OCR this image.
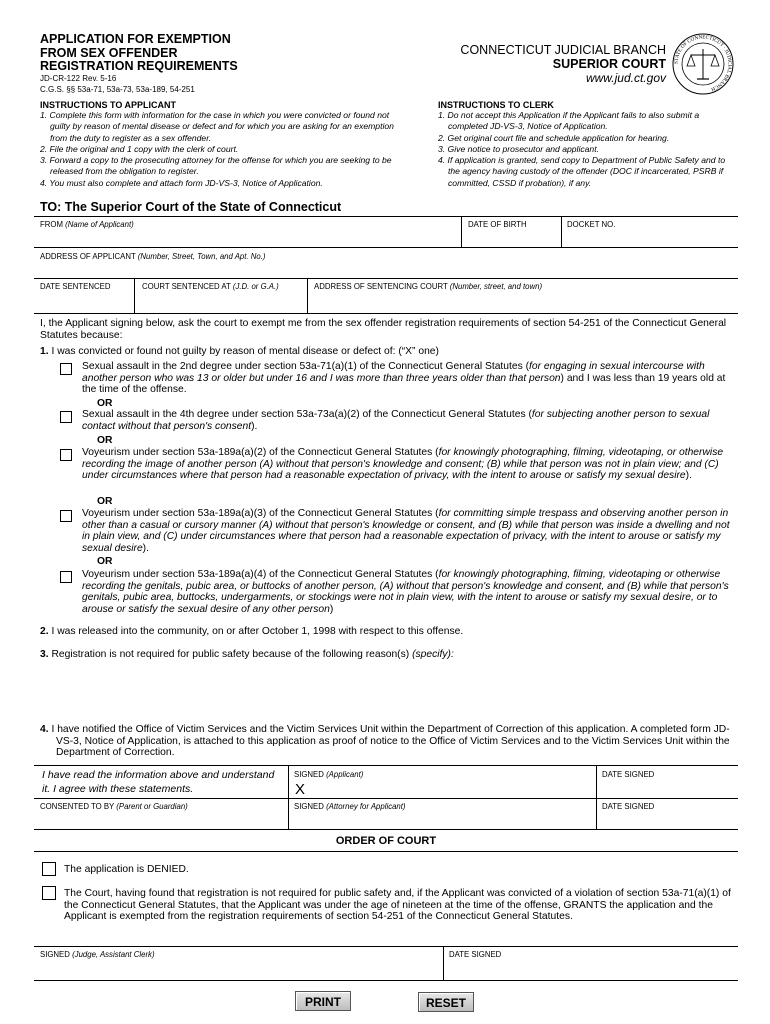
APPLICATION FOR EXEMPTION
FROM SEX OFFENDER
REGISTRATION REQUIREMENTS
JD-CR-122 Rev. 5-16
C.G.S. §§ 53a-71, 53a-73, 53a-189, 54-251
CONNECTICUT JUDICIAL BRANCH
SUPERIOR COURT
www.jud.ct.gov
STATE OF CONNECTICUT · JUDICIAL BRANCH
INSTRUCTIONS TO APPLICANT
1. Complete this form with information for the case in which you were convicted or found not guilty by reason of mental disease or defect and for which you are asking for an exemption from the duty to register as a sex offender.
2. File the original and 1 copy with the clerk of court.
3. Forward a copy to the prosecuting attorney for the offense for which you are seeking to be released from the obligation to register.
4. You must also complete and attach form JD-VS-3, Notice of Application.
INSTRUCTIONS TO CLERK
1. Do not accept this Application if the Applicant fails to also submit a completed JD-VS-3, Notice of Application.
2. Get original court file and schedule application for hearing.
3. Give notice to prosecutor and applicant.
4. If application is granted, send copy to Department of Public Safety and to the agency having custody of the offender (DOC if incarcerated, PSRB if committed, CSSD if probation), if any.
TO: The Superior Court of the State of Connecticut
FROM (Name of Applicant)	DATE OF BIRTH	DOCKET NO.
ADDRESS OF APPLICANT (Number, Street, Town, and Apt. No.)
DATE SENTENCED	COURT SENTENCED AT (J.D. or G.A.)	ADDRESS OF SENTENCING COURT (Number, street, and town)
I, the Applicant signing below, ask the court to exempt me from the sex offender registration requirements of section 54-251 of the Connecticut General Statutes because:
1. I was convicted or found not guilty by reason of mental disease or defect of: (“X” one)
Sexual assault in the 2nd degree under section 53a-71(a)(1) of the Connecticut General Statutes (for engaging in sexual intercourse with another person who was 13 or older but under 16 and I was more than three years older than that person) and I was less than 19 years old at the time of the offense.
OR
Sexual assault in the 4th degree under section 53a-73a(a)(2) of the Connecticut General Statutes (for subjecting another person to sexual contact without that person's consent).
OR
Voyeurism under section 53a-189a(a)(2) of the Connecticut General Statutes (for knowingly photographing, filming, videotaping, or otherwise recording the image of another person (A) without that person's knowledge and consent; (B) while that person was not in plain view; and (C) under circumstances where that person had a reasonable expectation of privacy, with the intent to arouse or satisfy my sexual desire).
OR
Voyeurism under section 53a-189a(a)(3) of the Connecticut General Statutes (for committing simple trespass and observing another person in other than a casual or cursory manner (A) without that person's knowledge or consent, and (B) while that person was inside a dwelling and not in plain view, and (C) under circumstances where that person had a reasonable expectation of privacy, with the intent to arouse or satisfy my sexual desire).
OR
Voyeurism under section 53a-189a(a)(4) of the Connecticut General Statutes (for knowingly photographing, filming, videotaping or otherwise recording the genitals, pubic area, or buttocks of another person, (A) without that person's knowledge and consent, and (B) while that person's genitals, pubic area, buttocks, undergarments, or stockings were not in plain view, with the intent to arouse or satisfy my sexual desire, or to arouse or satisfy the sexual desire of any other person)
2. I was released into the community, on or after October 1, 1998 with respect to this offense.
3. Registration is not required for public safety because of the following reason(s) (specify):
4. I have notified the Office of Victim Services and the Victim Services Unit within the Department of Correction of this application. A completed form JD-VS-3, Notice of Application, is attached to this application as proof of notice to the Office of Victim Services and to the Victim Services Unit within the Department of Correction.
I have read the information above and understand it. I agree with these statements.
SIGNED (Applicant)
X
DATE SIGNED
CONSENTED TO BY (Parent or Guardian)	SIGNED (Attorney for Applicant)	DATE SIGNED
ORDER OF COURT
The application is DENIED.
The Court, having found that registration is not required for public safety and, if the Applicant was convicted of a violation of section 53a-71(a)(1) of the Connecticut General Statutes, that the Applicant was under the age of nineteen at the time of the offense, GRANTS the application and the Applicant is exempted from the registration requirements of section 54-251 of the Connecticut General Statutes.
SIGNED (Judge, Assistant Clerk)	DATE SIGNED
PRINT	RESET
